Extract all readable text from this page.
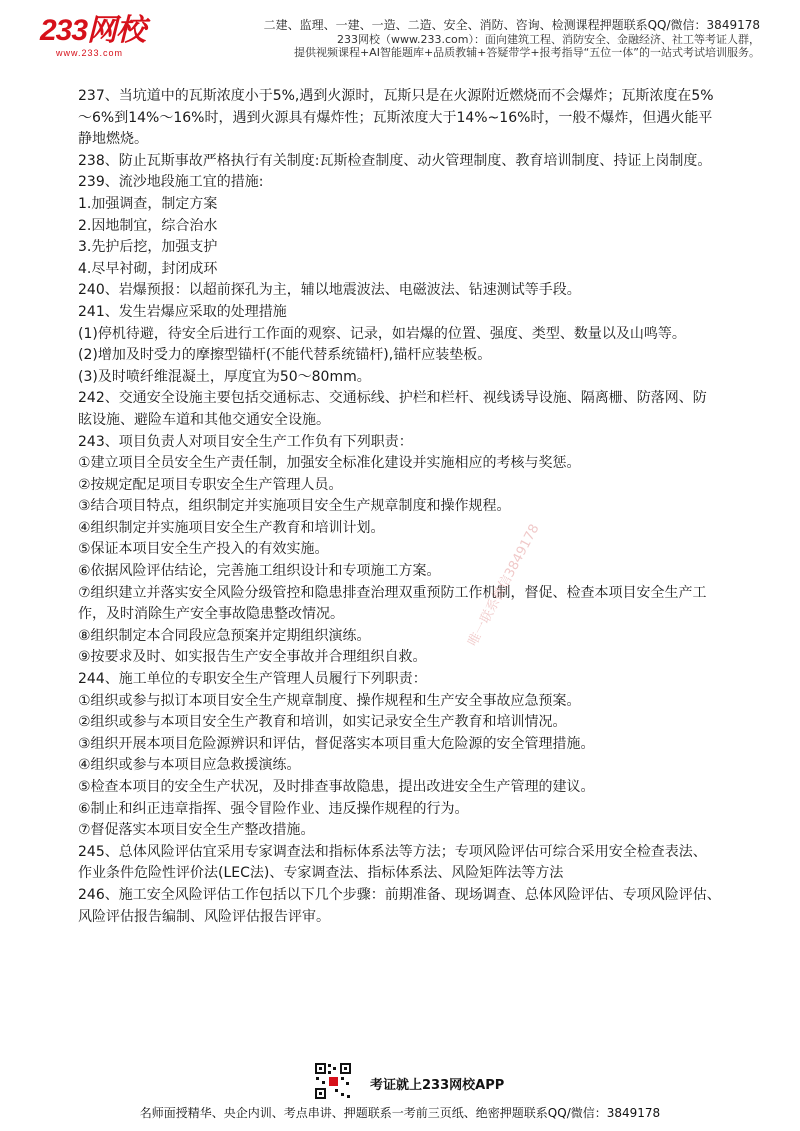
233网校
www.233.com
二建、监理、一建、一造、二造、安全、消防、咨询、检测课程押题联系QQ/微信：3849178
233网校（www.233.com）：面向建筑工程、消防安全、金融经济、社工等考证人群，
提供视频课程+AI智能题库+品质教辅+答疑带学+报考指导“五位一体”的一站式考试培训服务。
237、当坑道中的瓦斯浓度小于5%,遇到火源时，瓦斯只是在火源附近燃烧而不会爆炸；瓦斯浓度在5%
～6%到14%～16%时，遇到火源具有爆炸性；瓦斯浓度大于14%~16%时，一般不爆炸，但遇火能平
静地燃烧。
238、防止瓦斯事故严格执行有关制度:瓦斯检查制度、动火管理制度、教育培训制度、持证上岗制度。
239、流沙地段施工宜的措施:
1.加强调查，制定方案
2.因地制宜，综合治水
3.先护后挖，加强支护
4.尽早衬砌，封闭成环
240、岩爆预报：以超前探孔为主，辅以地震波法、电磁波法、钻速测试等手段。
241、发生岩爆应采取的处理措施
(1)停机待避，待安全后进行工作面的观察、记录，如岩爆的位置、强度、类型、数量以及山鸣等。
(2)增加及时受力的摩擦型锚杆(不能代替系统锚杆),锚杆应装垫板。
(3)及时喷纤维混凝土，厚度宜为50～80mm。
242、交通安全设施主要包括交通标志、交通标线、护栏和栏杆、视线诱导设施、隔离栅、防落网、防
眩设施、避险车道和其他交通安全设施。
243、项目负责人对项目安全生产工作负有下列职责：
①建立项目全员安全生产责任制，加强安全标准化建设并实施相应的考核与奖惩。
②按规定配足项目专职安全生产管理人员。
③结合项目特点，组织制定并实施项目安全生产规章制度和操作规程。
④组织制定并实施项目安全生产教育和培训计划。
⑤保证本项目安全生产投入的有效实施。
⑥依据风险评估结论，完善施工组织设计和专项施工方案。
⑦组织建立并落实安全风险分级管控和隐患排查治理双重预防工作机制，督促、检查本项目安全生产工
作，及时消除生产安全事故隐患整改情况。
⑧组织制定本合同段应急预案并定期组织演练。
⑨按要求及时、如实报告生产安全事故并合理组织自救。
244、施工单位的专职安全生产管理人员履行下列职责：
①组织或参与拟订本项目安全生产规章制度、操作规程和生产安全事故应急预案。
②组织或参与本项目安全生产教育和培训，如实记录安全生产教育和培训情况。
③组织开展本项目危险源辨识和评估，督促落实本项目重大危险源的安全管理措施。
④组织或参与本项目应急救援演练。
⑤检查本项目的安全生产状况，及时排查事故隐患，提出改进安全生产管理的建议。
⑥制止和纠正违章指挥、强令冒险作业、违反操作规程的行为。
⑦督促落实本项目安全生产整改措施。
245、总体风险评估宜采用专家调查法和指标体系法等方法；专项风险评估可综合采用安全检查表法、
作业条件危险性评价法(LEC法)、专家调查法、指标体系法、风险矩阵法等方法
246、施工安全风险评估工作包括以下几个步骤：前期准备、现场调查、总体风险评估、专项风险评估、
风险评估报告编制、风险评估报告评审。
唯一联系微信3849178
考证就上233网校APP
名师面授精华、央企内训、考点串讲、押题联系一考前三页纸、绝密押题联系QQ/微信：3849178
